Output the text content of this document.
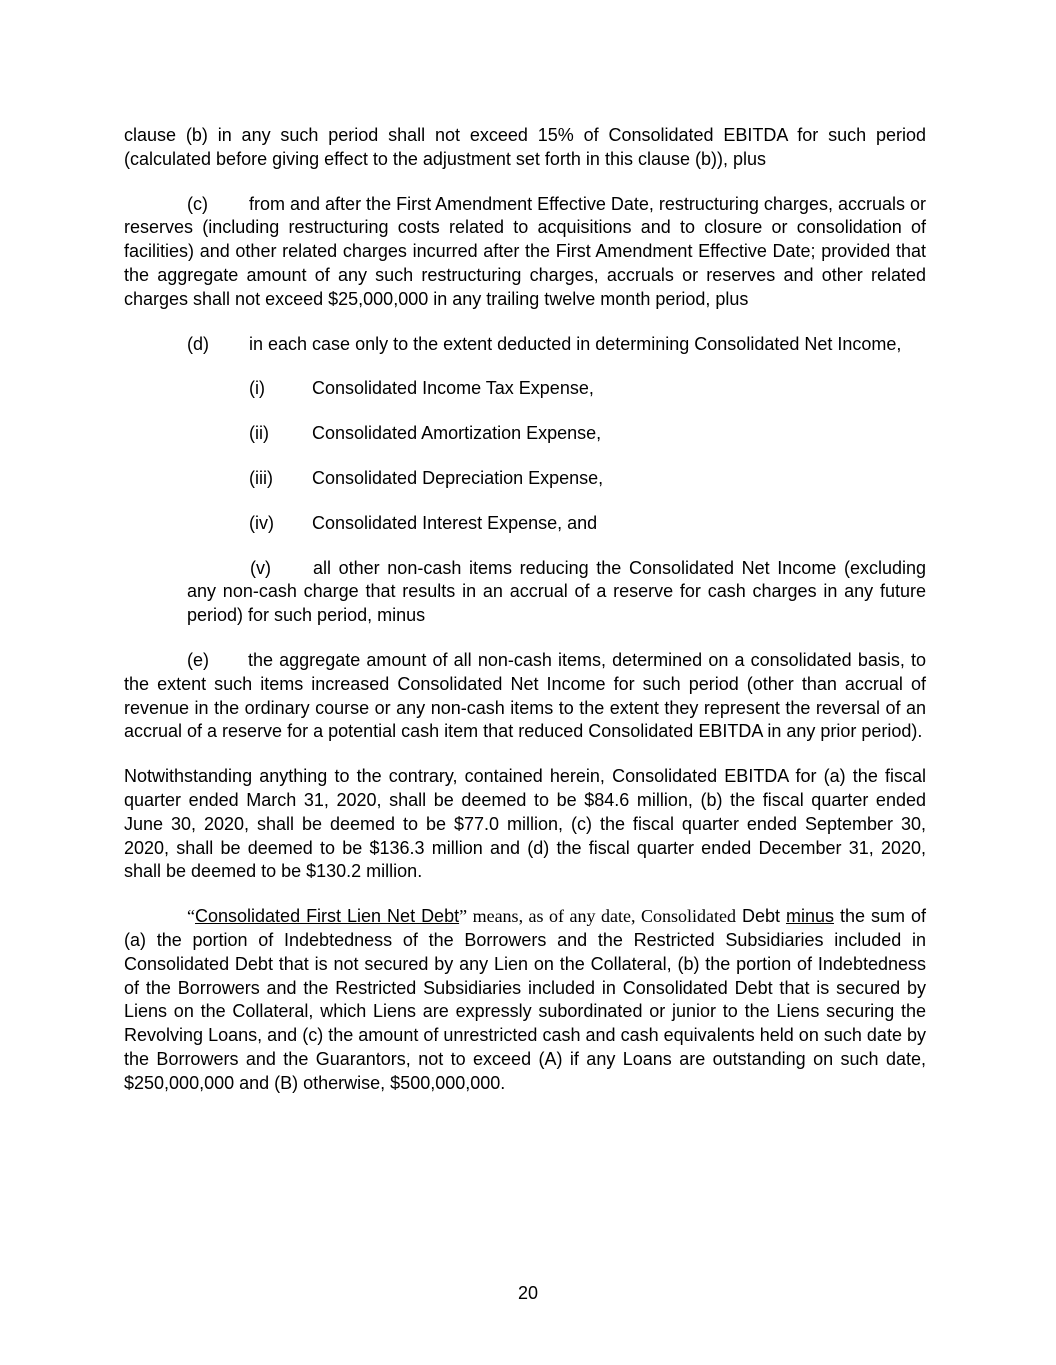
clause (b) in any such period shall not exceed 15% of Consolidated EBITDA for such period (calculated before giving effect to the adjustment set forth in this clause (b)), plus

(c) from and after the First Amendment Effective Date, restructuring charges, accruals or reserves (including restructuring costs related to acquisitions and to closure or consolidation of facilities) and other related charges incurred after the First Amendment Effective Date; provided that the aggregate amount of any such restructuring charges, accruals or reserves and other related charges shall not exceed $25,000,000 in any trailing twelve month period, plus

(d) in each case only to the extent deducted in determining Consolidated Net Income,

(i)	Consolidated Income Tax Expense,

(ii) Consolidated Amortization Expense,

(iii) Consolidated Depreciation Expense,

(iv) Consolidated Interest Expense, and

(v) all other non-cash items reducing the Consolidated Net Income (excluding any non-cash charge that results in an accrual of a reserve for cash charges in any future period) for such period, minus

(e) the aggregate amount of all non-cash items, determined on a consolidated basis, to the extent such items increased Consolidated Net Income for such period (other than accrual of revenue in the ordinary course or any non-cash items to the extent they represent the reversal of an accrual of a reserve for a potential cash item that reduced Consolidated EBITDA in any prior period).

Notwithstanding anything to the contrary, contained herein, Consolidated EBITDA for (a) the fiscal quarter ended March 31, 2020, shall be deemed to be $84.6 million, (b) the fiscal quarter ended June 30, 2020, shall be deemed to be $77.0 million, (c) the fiscal quarter ended September 30, 2020, shall be deemed to be $136.3 million and (d) the fiscal quarter ended December 31, 2020, shall be deemed to be $130.2 million.

“Consolidated First Lien Net Debt” means, as of any date, Consolidated Debt minus the sum of (a) the portion of Indebtedness of the Borrowers and the Restricted Subsidiaries included in Consolidated Debt that is not secured by any Lien on the Collateral, (b) the portion of Indebtedness of the Borrowers and the Restricted Subsidiaries included in Consolidated Debt that is secured by Liens on the Collateral, which Liens are expressly subordinated or junior to the Liens securing the Revolving Loans, and (c) the amount of unrestricted cash and cash equivalents held on such date by the Borrowers and the Guarantors, not to exceed (A) if any Loans are outstanding on such date, $250,000,000 and (B) otherwise, $500,000,000.

20
